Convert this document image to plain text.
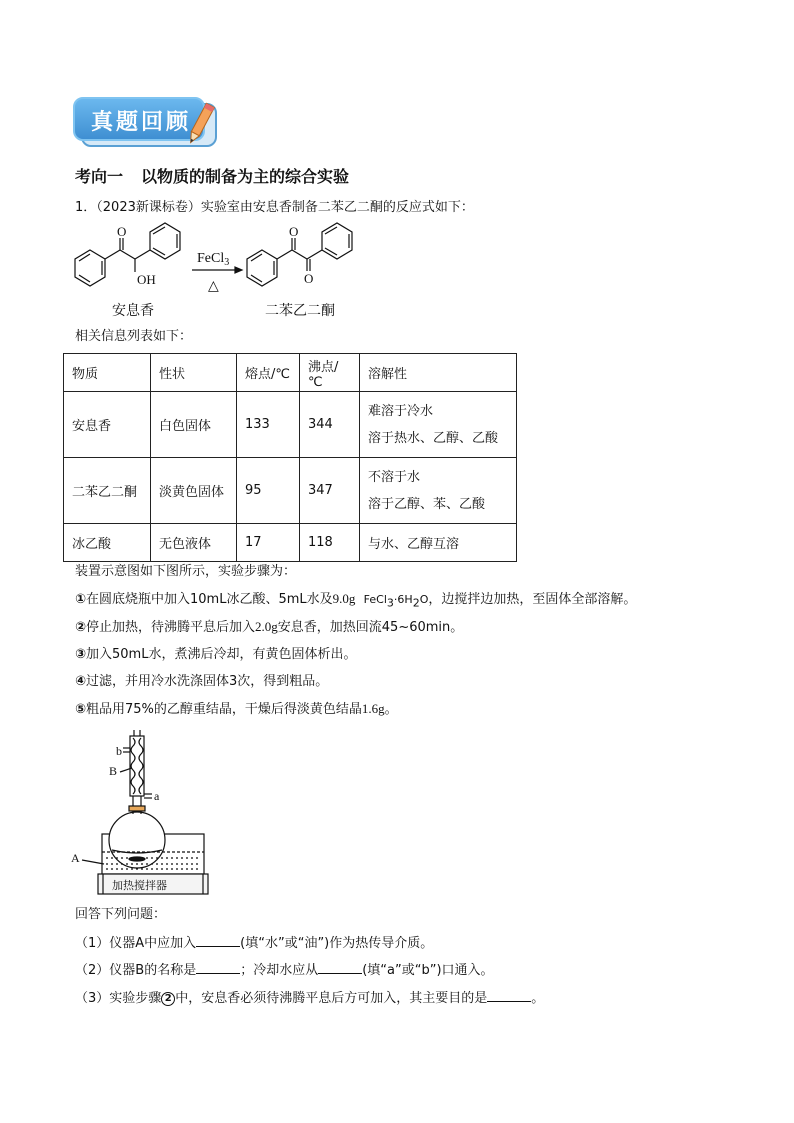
真题回顾
考向一 以物质的制备为主的综合实验
1．（2023新课标卷）实验室由安息香制备二苯乙二酮的反应式如下：
O
OH
O
O
FeCl$_3$
△
安息香	二苯乙二酮
相关信息列表如下：
物质	性状	熔点/℃	沸点/℃	溶解性
安息香	白色固体	133	344	难溶于冷水
溶于热水、乙醇、乙酸

二苯乙二酮	淡黄色固体	95	347	不溶于水
溶于乙醇、苯、乙酸

冰乙酸	无色液体	17	118	与水、乙醇互溶
装置示意图如下图所示，实验步骤为：
①在圆底烧瓶中加入10mL冰乙酸、5mL水及9.0g $FeCl_3\cdot 6H_2O$，边搅拌边加热，至固体全部溶解。
②停止加热，待沸腾平息后加入2.0g安息香，加热回流45~60min。
③加入50mL水，煮沸后冷却，有黄色固体析出。
④过滤，并用冷水洗涤固体3次，得到粗品。
⑤粗品用75%的乙醇重结晶，干燥后得淡黄色结晶1.6g。
b
B
a
A
加热搅拌器
回答下列问题：
（1）仪器A中应加入	(填“水”或“油”)作为热传导介质。
（2）仪器B的名称是	；冷却水应从	(填“a”或“b”)口通入。
（3）实验步骤 2 中，安息香必须待沸腾平息后方可加入，其主要目的是	。
